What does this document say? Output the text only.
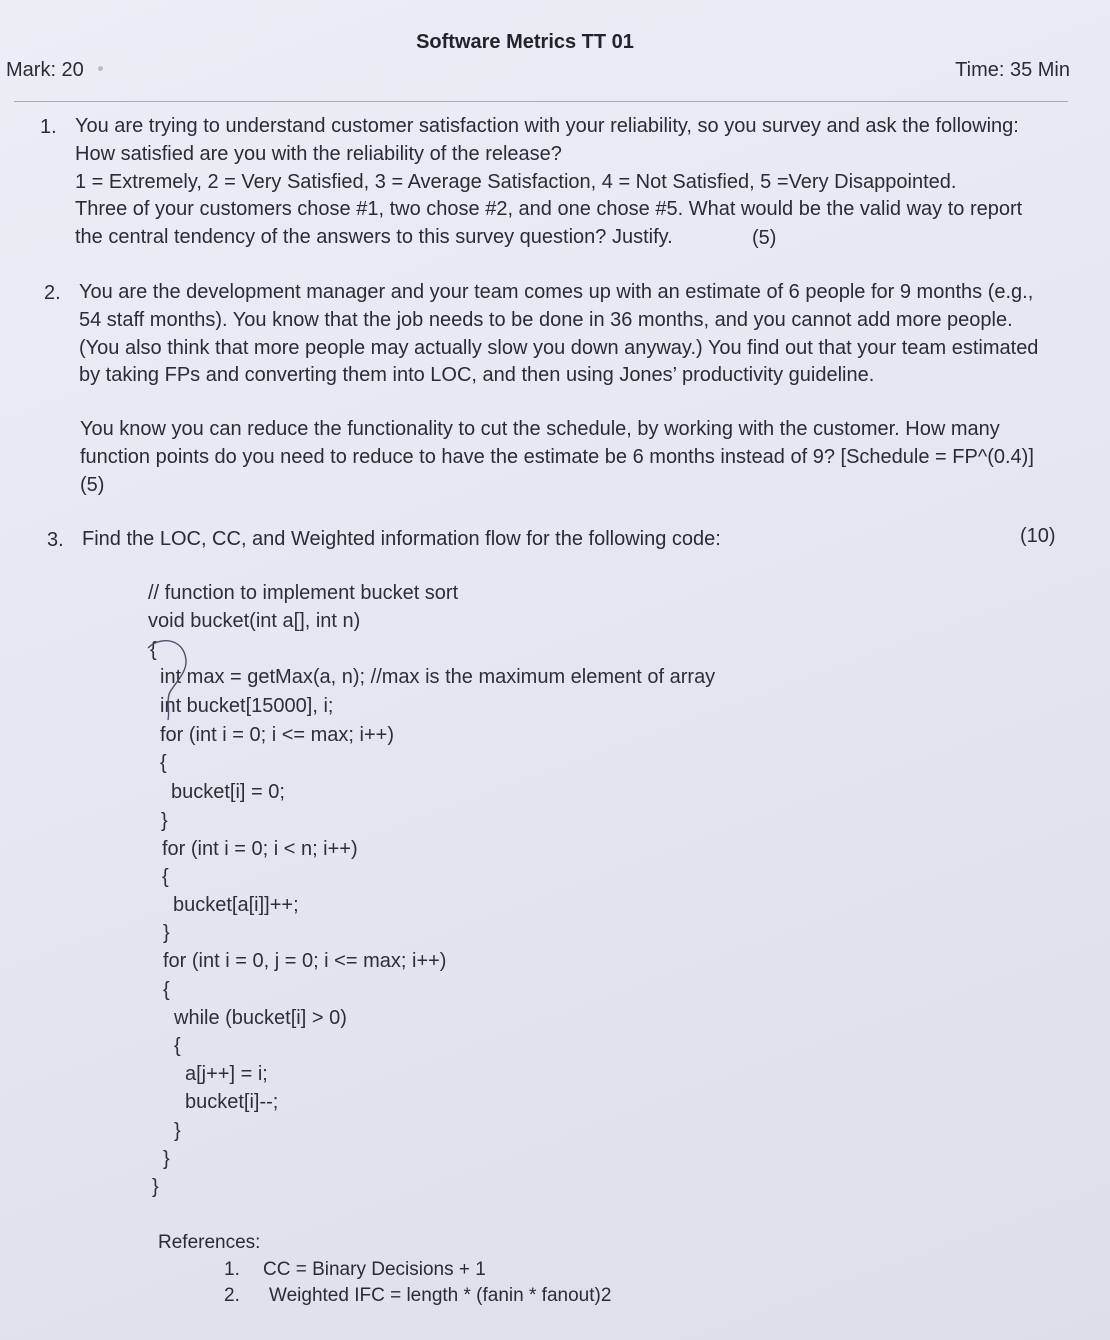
Software Metrics TT 01
Mark: 20	Time: 35 Min
1. You are trying to understand customer satisfaction with your reliability, so you survey and ask the following:
How satisfied are you with the reliability of the release?
1 = Extremely, 2 = Very Satisfied, 3 = Average Satisfaction, 4 = Not Satisfied, 5 =Very Disappointed.
Three of your customers chose #1, two chose #2, and one chose #5. What would be the valid way to report
the central tendency of the answers to this survey question? Justify.	(5)
2. You are the development manager and your team comes up with an estimate of 6 people for 9 months (e.g.,
54 staff months). You know that the job needs to be done in 36 months, and you cannot add more people.
(You also think that more people may actually slow you down anyway.) You find out that your team estimated
by taking FPs and converting them into LOC, and then using Jones’ productivity guideline.
You know you can reduce the functionality to cut the schedule, by working with the customer. How many
function points do you need to reduce to have the estimate be 6 months instead of 9? [Schedule = FP^(0.4)]
(5)
3. Find the LOC, CC, and Weighted information flow for the following code:	(10)
// function to implement bucket sort
void bucket(int a[], int n)
{
int max = getMax(a, n); //max is the maximum element of array
int bucket[15000], i;
for (int i = 0; i <= max; i++)
{
bucket[i] = 0;
}
for (int i = 0; i < n; i++)
{
bucket[a[i]]++;
}
for (int i = 0, j = 0; i <= max; i++)
{
while (bucket[i] > 0)
{
a[j++] = i;
bucket[i]--;
}
}
}
References:
1. CC = Binary Decisions + 1
2. Weighted IFC = length * (fanin * fanout)2
